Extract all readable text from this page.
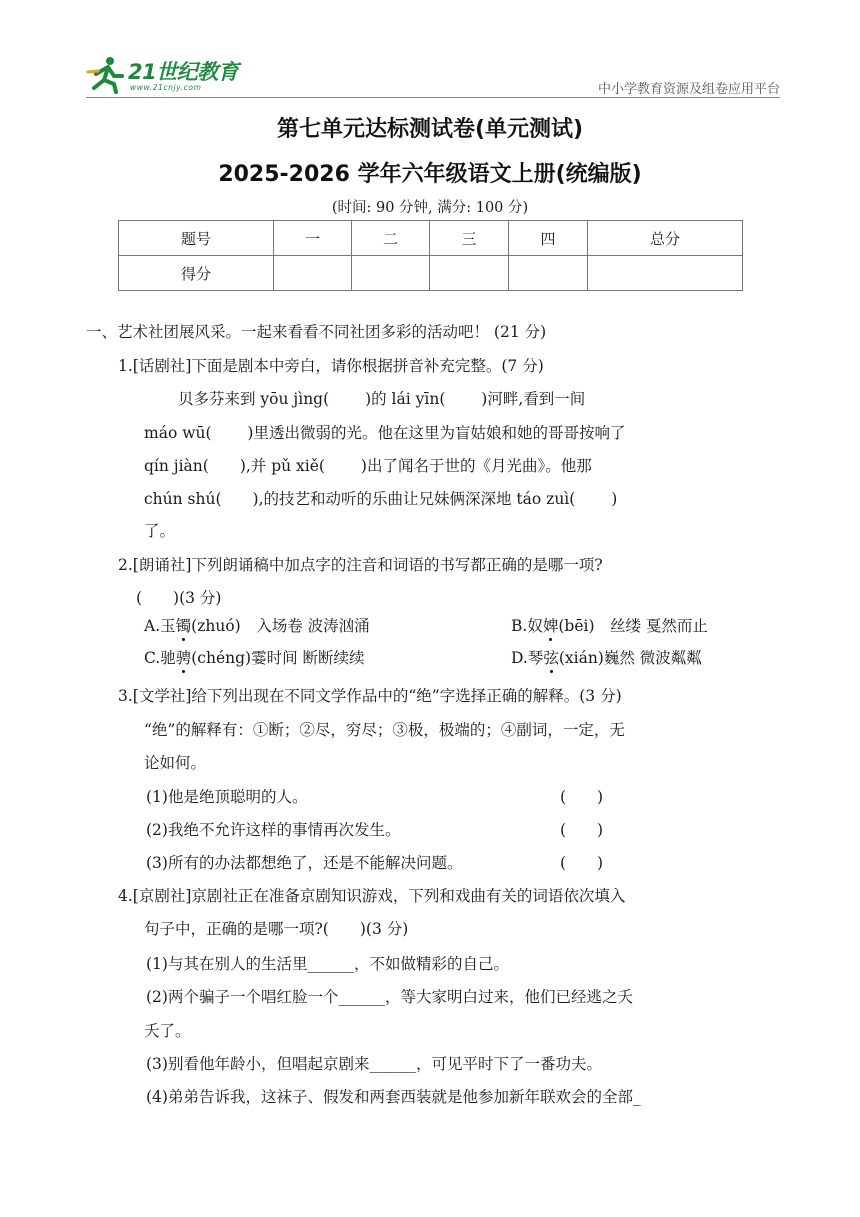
21世纪教育
www.21cnjy.com	中小学教育资源及组卷应用平台
第七单元达标测试卷(单元测试)
2025-2026 学年六年级语文上册(统编版)
(时间: 90 分钟, 满分: 100 分)
题号	一	二	三	四	总分
得分					
一、艺术社团展风采。一起来看看不同社团多彩的活动吧！ (21 分)
1.[话剧社]下面是剧本中旁白，请你根据拼音补充完整。(7 分)
贝多芬来到 yōu jìng(　　 )的 lái yīn(　　 )河畔,看到一间
máo wū(　　 )里透出微弱的光。他在这里为盲姑娘和她的哥哥按响了
qín jiàn(　　),并 pǔ xiě(　　 )出了闻名于世的《月光曲》。他那
chún shú(　　),的技艺和动听的乐曲让兄妹俩深深地 táo zuì(　　 )
了。
2.[朗诵社]下列朗诵稿中加点字的注音和词语的书写都正确的是哪一项?
(　　)(3 分)
A.玉镯(zhuó)　入场卷 波涛汹涌	B.奴婢(bēi)　丝缕 戛然而止
C.驰骋(chéng)霎时间 断断续续	D.琴弦(xián)巍然 微波粼粼
3.[文学社]给下列出现在不同文学作品中的“绝”字选择正确的解释。(3 分)
“绝”的解释有：①断；②尽，穷尽；③极，极端的；④副词，一定，无
论如何。
(1)他是绝顶聪明的人。	(　　)
(2)我绝不允许这样的事情再次发生。	(　　)
(3)所有的办法都想绝了，还是不能解决问题。	(　　)
4.[京剧社]京剧社正在准备京剧知识游戏，下列和戏曲有关的词语依次填入
句子中，正确的是哪一项?(　　)(3 分)
(1)与其在别人的生活里______，不如做精彩的自己。
(2)两个骗子一个唱红脸一个______，等大家明白过来，他们已经逃之夭
夭了。
(3)别看他年龄小，但唱起京剧来______，可见平时下了一番功夫。
(4)弟弟告诉我，这袜子、假发和两套西装就是他参加新年联欢会的全部_
